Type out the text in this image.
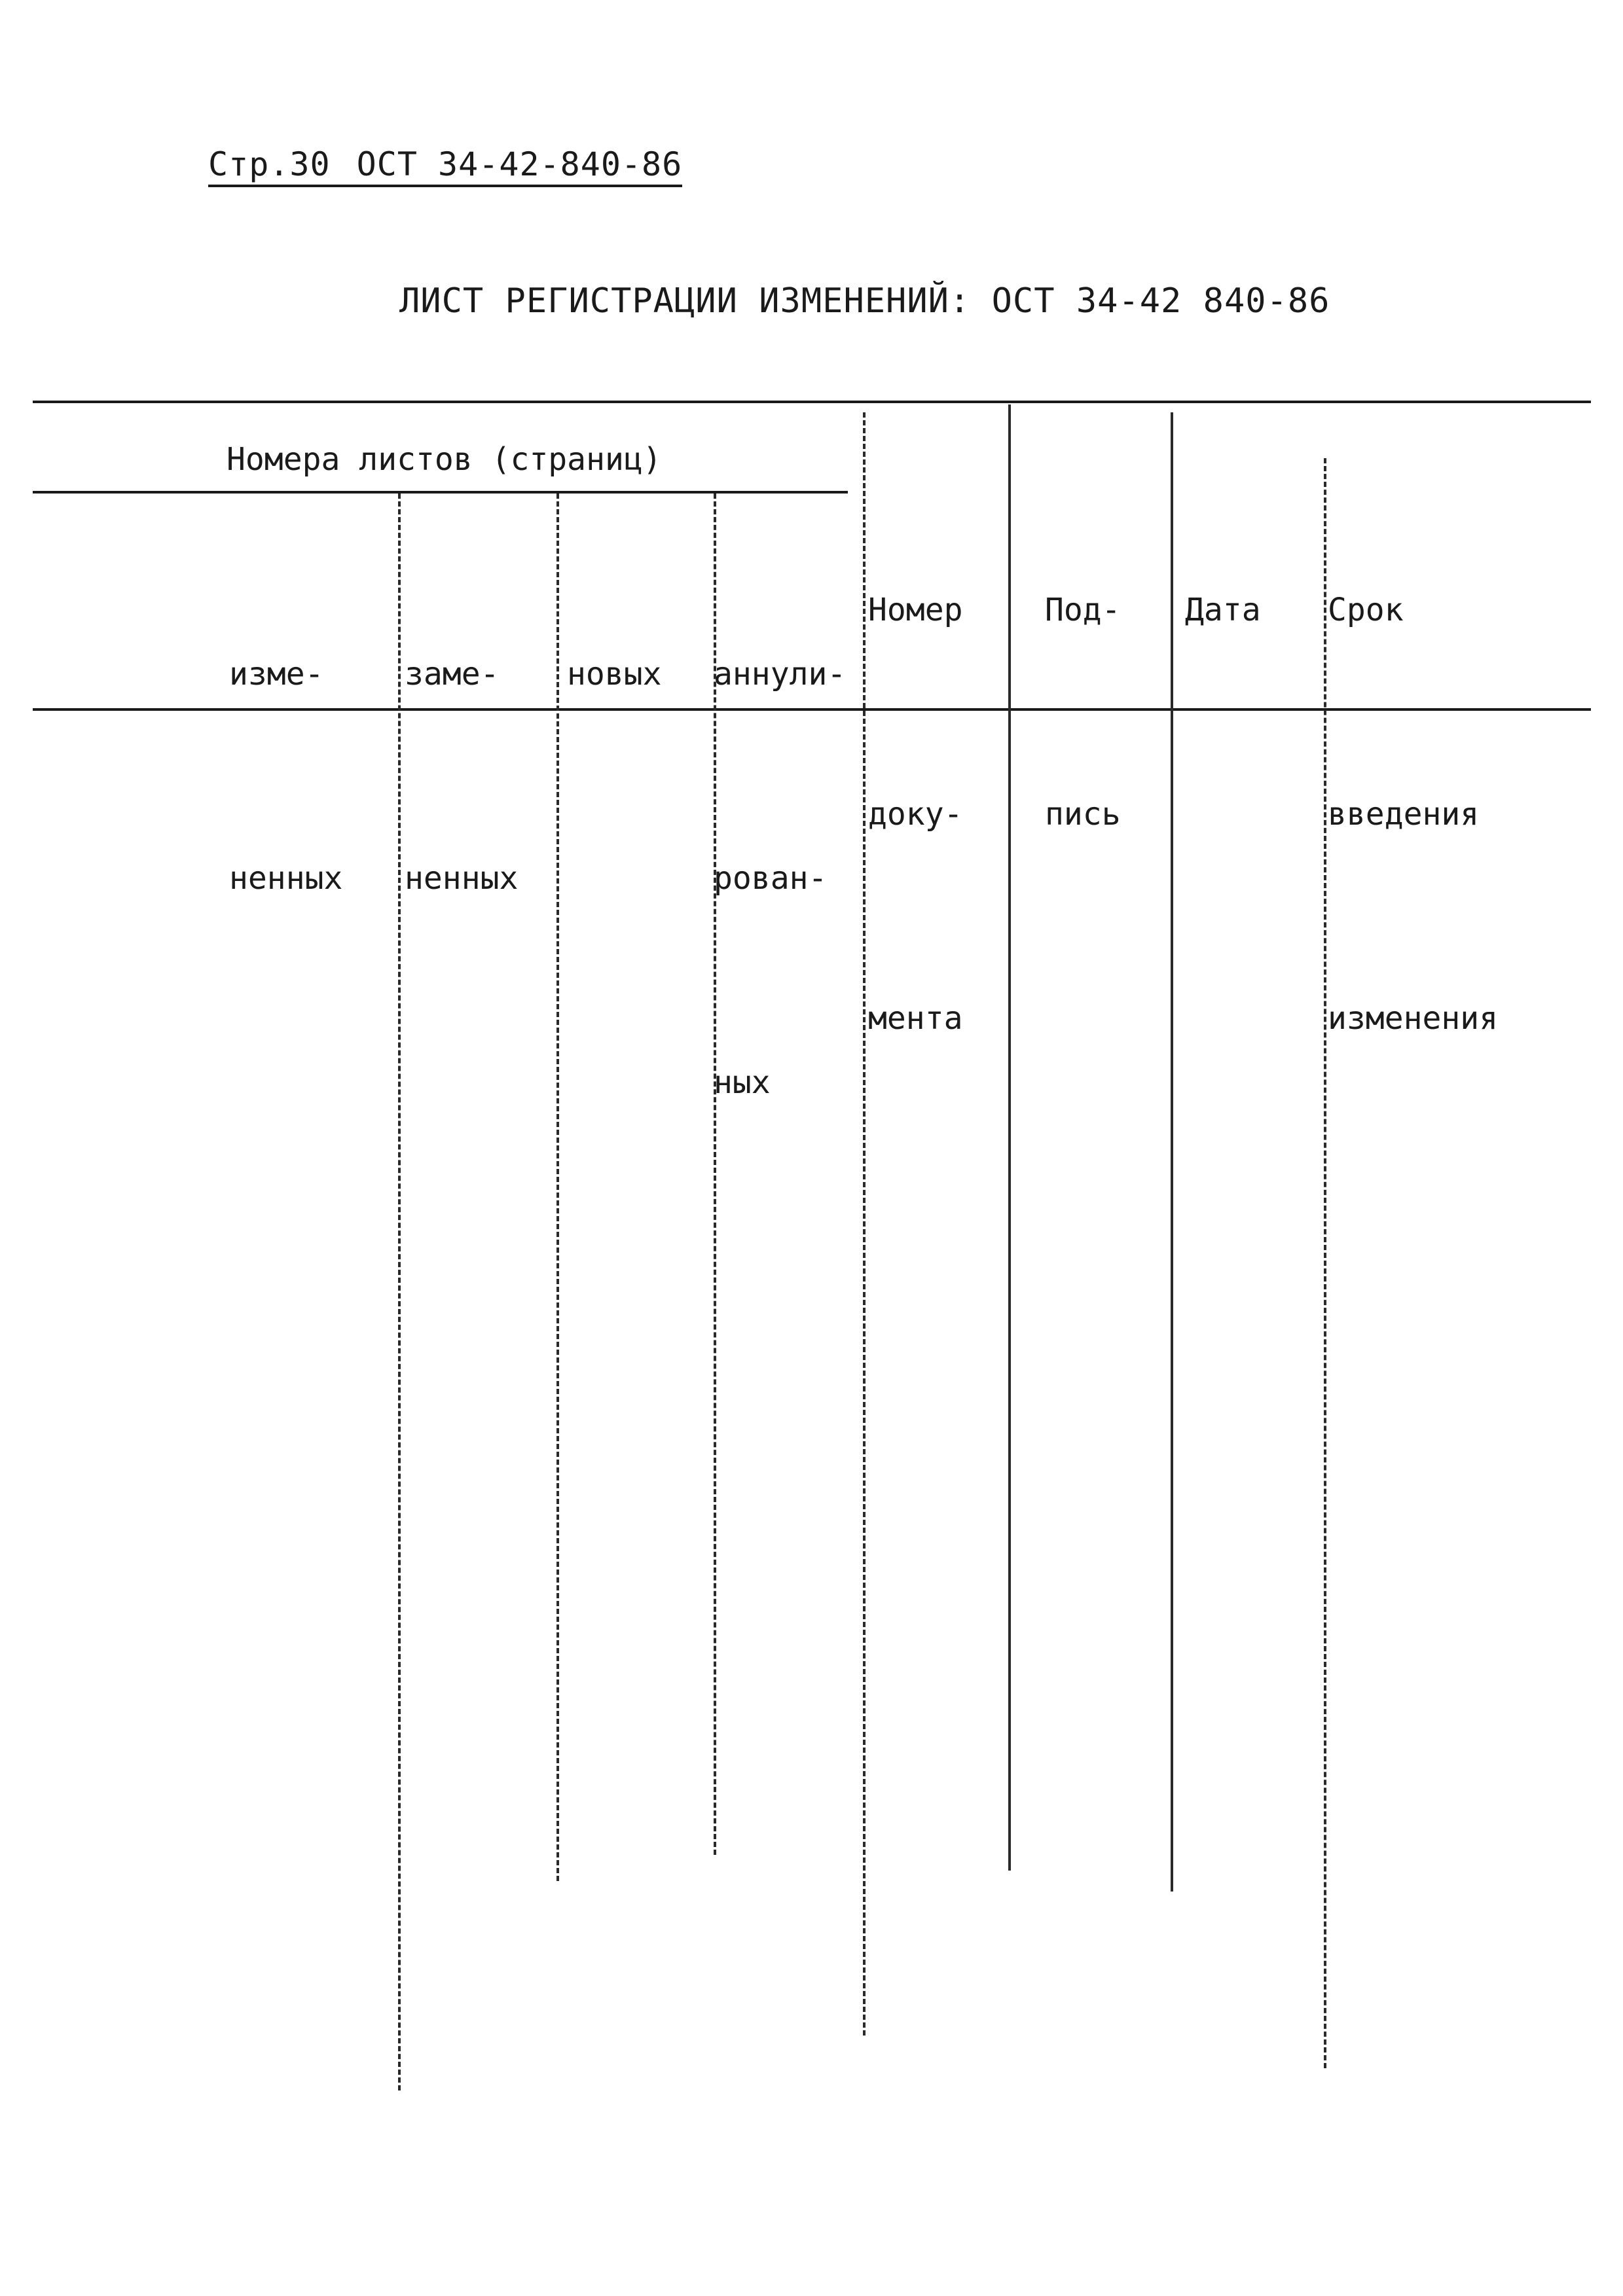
Стр.30 ОСТ 34-42-840-86
ЛИСТ РЕГИСТРАЦИИ ИЗМЕНЕНИЙ: ОСТ 34-42 840-86
Номера листов (страниц)

изме-

ненных

заме-

ненных

новых

аннули-

рован-

ных

Номер

доку-

мента

Под-

пись

Дата

Срок

введения

изменения
